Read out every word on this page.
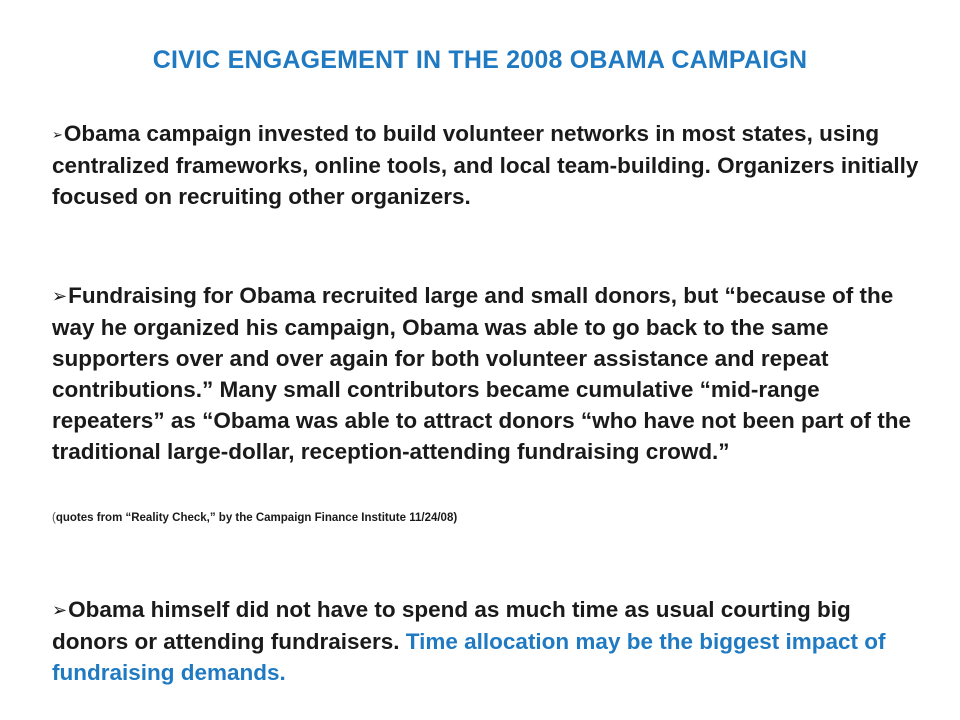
CIVIC ENGAGEMENT IN THE 2008 OBAMA CAMPAIGN
➢Obama campaign invested to build volunteer networks in most states, using centralized frameworks, online tools, and local team-building. Organizers initially focused on recruiting other organizers.
➢Fundraising for Obama recruited large and small donors, but “because of the way he organized his campaign, Obama was able to go back to the same supporters over and over again for both volunteer assistance and repeat contributions.” Many small contributors became cumulative “mid-range repeaters” as “Obama was able to attract donors “who have not been part of the traditional large-dollar, reception-attending fundraising crowd.”
(quotes from “Reality Check,” by the Campaign Finance Institute 11/24/08)
➢Obama himself did not have to spend as much time as usual courting big donors or attending fundraisers. Time allocation may be the biggest impact of fundraising demands.
